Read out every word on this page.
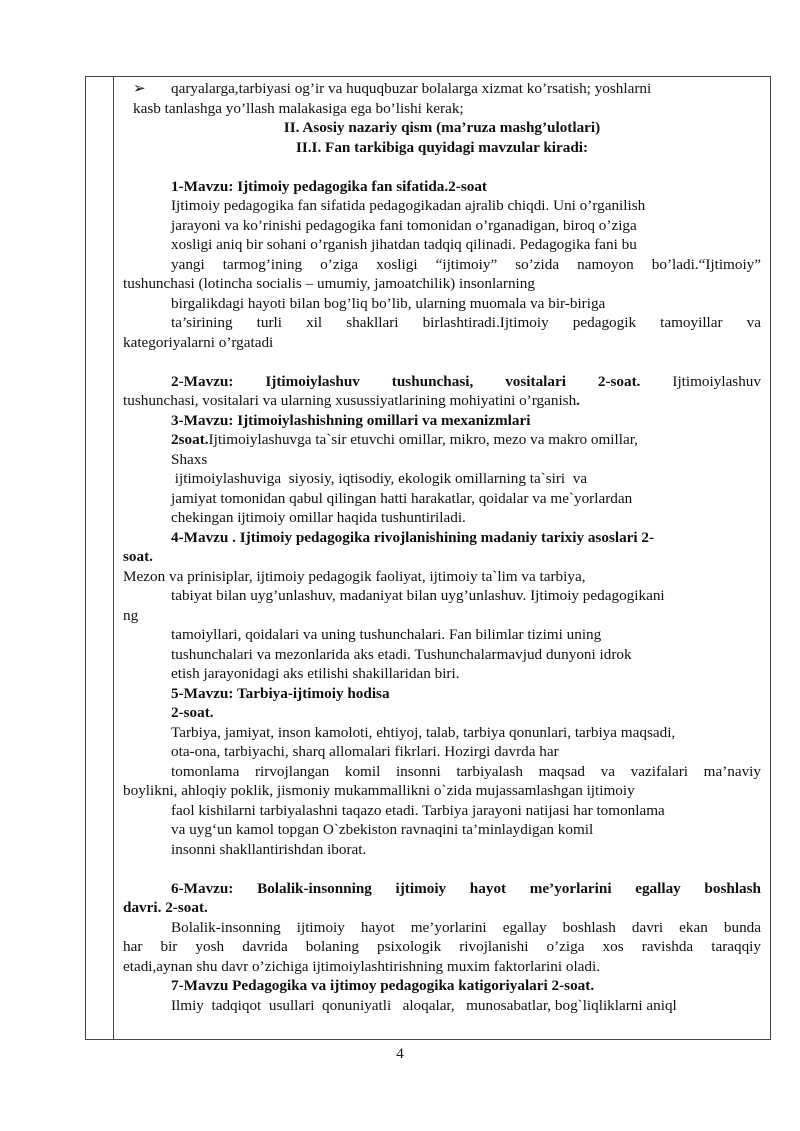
➢ qaryalarga,tarbiyasi og’ir va huquqbuzar bolalarga xizmat ko’rsatish; yoshlarni
kasb tanlashga yo’llash malakasiga ega bo’lishi kerak;
II. Asosiy nazariy qism (ma’ruza mashg’ulotlari)
II.I. Fan tarkibiga quyidagi mavzular kiradi:
1-Mavzu: Ijtimoiy pedagogika fan sifatida.2-soat
Ijtimoiy pedagogika fan sifatida pedagogikadan ajralib chiqdi. Uni o’rganilish
jarayoni va ko’rinishi pedagogika fani tomonidan o’rganadigan, biroq o’ziga
xosligi aniq bir sohani o’rganish jihatdan tadqiq qilinadi. Pedagogika fani bu
yangi tarmog’ining o’ziga xosligi “ijtimoiy” so’zida namoyon bo’ladi.“Ijtimoiy”
tushunchasi (lotincha socialis – umumiy, jamoatchilik) insonlarning
birgalikdagi hayoti bilan bog’liq bo’lib, ularning muomala va bir-biriga
ta’sirining turli xil shakllari birlashtiradi.Ijtimoiy pedagogik tamoyillar va
kategoriyalarni o’rgatadi
2-Mavzu: Ijtimoiylashuv tushunchasi, vositalari 2-soat. Ijtimoiylashuv
tushunchasi, vositalari va ularning xusussiyatlarining mohiyatini o’rganish.
3-Mavzu: Ijtimoiylashishning omillari va mexanizmlari
2soat.Ijtimoiylashuvga ta`sir etuvchi omillar, mikro, mezo va makro omillar,
Shaxs
ijtimoiylashuviga  siyosiy, iqtisodiy, ekologik omillarning ta`siri  va
jamiyat tomonidan qabul qilingan hatti harakatlar, qoidalar va me`yorlardan
chekingan ijtimoiy omillar haqida tushuntiriladi.
4-Mavzu . Ijtimoiy pedagogika rivojlanishining madaniy tarixiy asoslari 2-
soat.
Mezon va prinisiplar, ijtimoiy pedagogik faoliyat, ijtimoiy ta`lim va tarbiya,
tabiyat bilan uyg’unlashuv, madaniyat bilan uyg’unlashuv. Ijtimoiy pedagogikani
ng
tamoiyllari, qoidalari va uning tushunchalari. Fan bilimlar tizimi uning
tushunchalari va mezonlarida aks etadi. Tushunchalarmavjud dunyoni idrok
etish jarayonidagi aks etilishi shakillaridan biri.
5-Mavzu: Tarbiya-ijtimoiy hodisa
2-soat.
Tarbiya, jamiyat, inson kamoloti, ehtiyoj, talab, tarbiya qonunlari, tarbiya maqsadi,
ota-ona, tarbiyachi, sharq allomalari fikrlari. Hozirgi davrda har
tomonlama rirvojlangan komil insonni tarbiyalash maqsad va vazifalari ma’naviy
boylikni, ahloqiy poklik, jismoniy mukammallikni o`zida mujassamlashgan ijtimoiy
faol kishilarni tarbiyalashni taqazo etadi. Tarbiya jarayoni natijasi har tomonlama
va uyg‘un kamol topgan O`zbekiston ravnaqini ta’minlaydigan komil
insonni shakllantirishdan iborat.
6-Mavzu: Bolalik-insonning ijtimoiy hayot me’yorlarini egallay boshlash
davri. 2-soat.
Bolalik-insonning ijtimoiy hayot me’yorlarini egallay boshlash davri ekan bunda
har bir yosh davrida bolaning psixologik rivojlanishi o’ziga xos ravishda taraqqiy
etadi,aynan shu davr o’zichiga ijtimoiylashtirishning muxim faktorlarini oladi.
7-Mavzu Pedagogika va ijtimoy pedagogika katigoriyalari 2-soat.
Ilmiy  tadqiqot  usullari  qonuniyatli   aloqalar,   munosabatlar, bog`liqliklarni aniql
4
